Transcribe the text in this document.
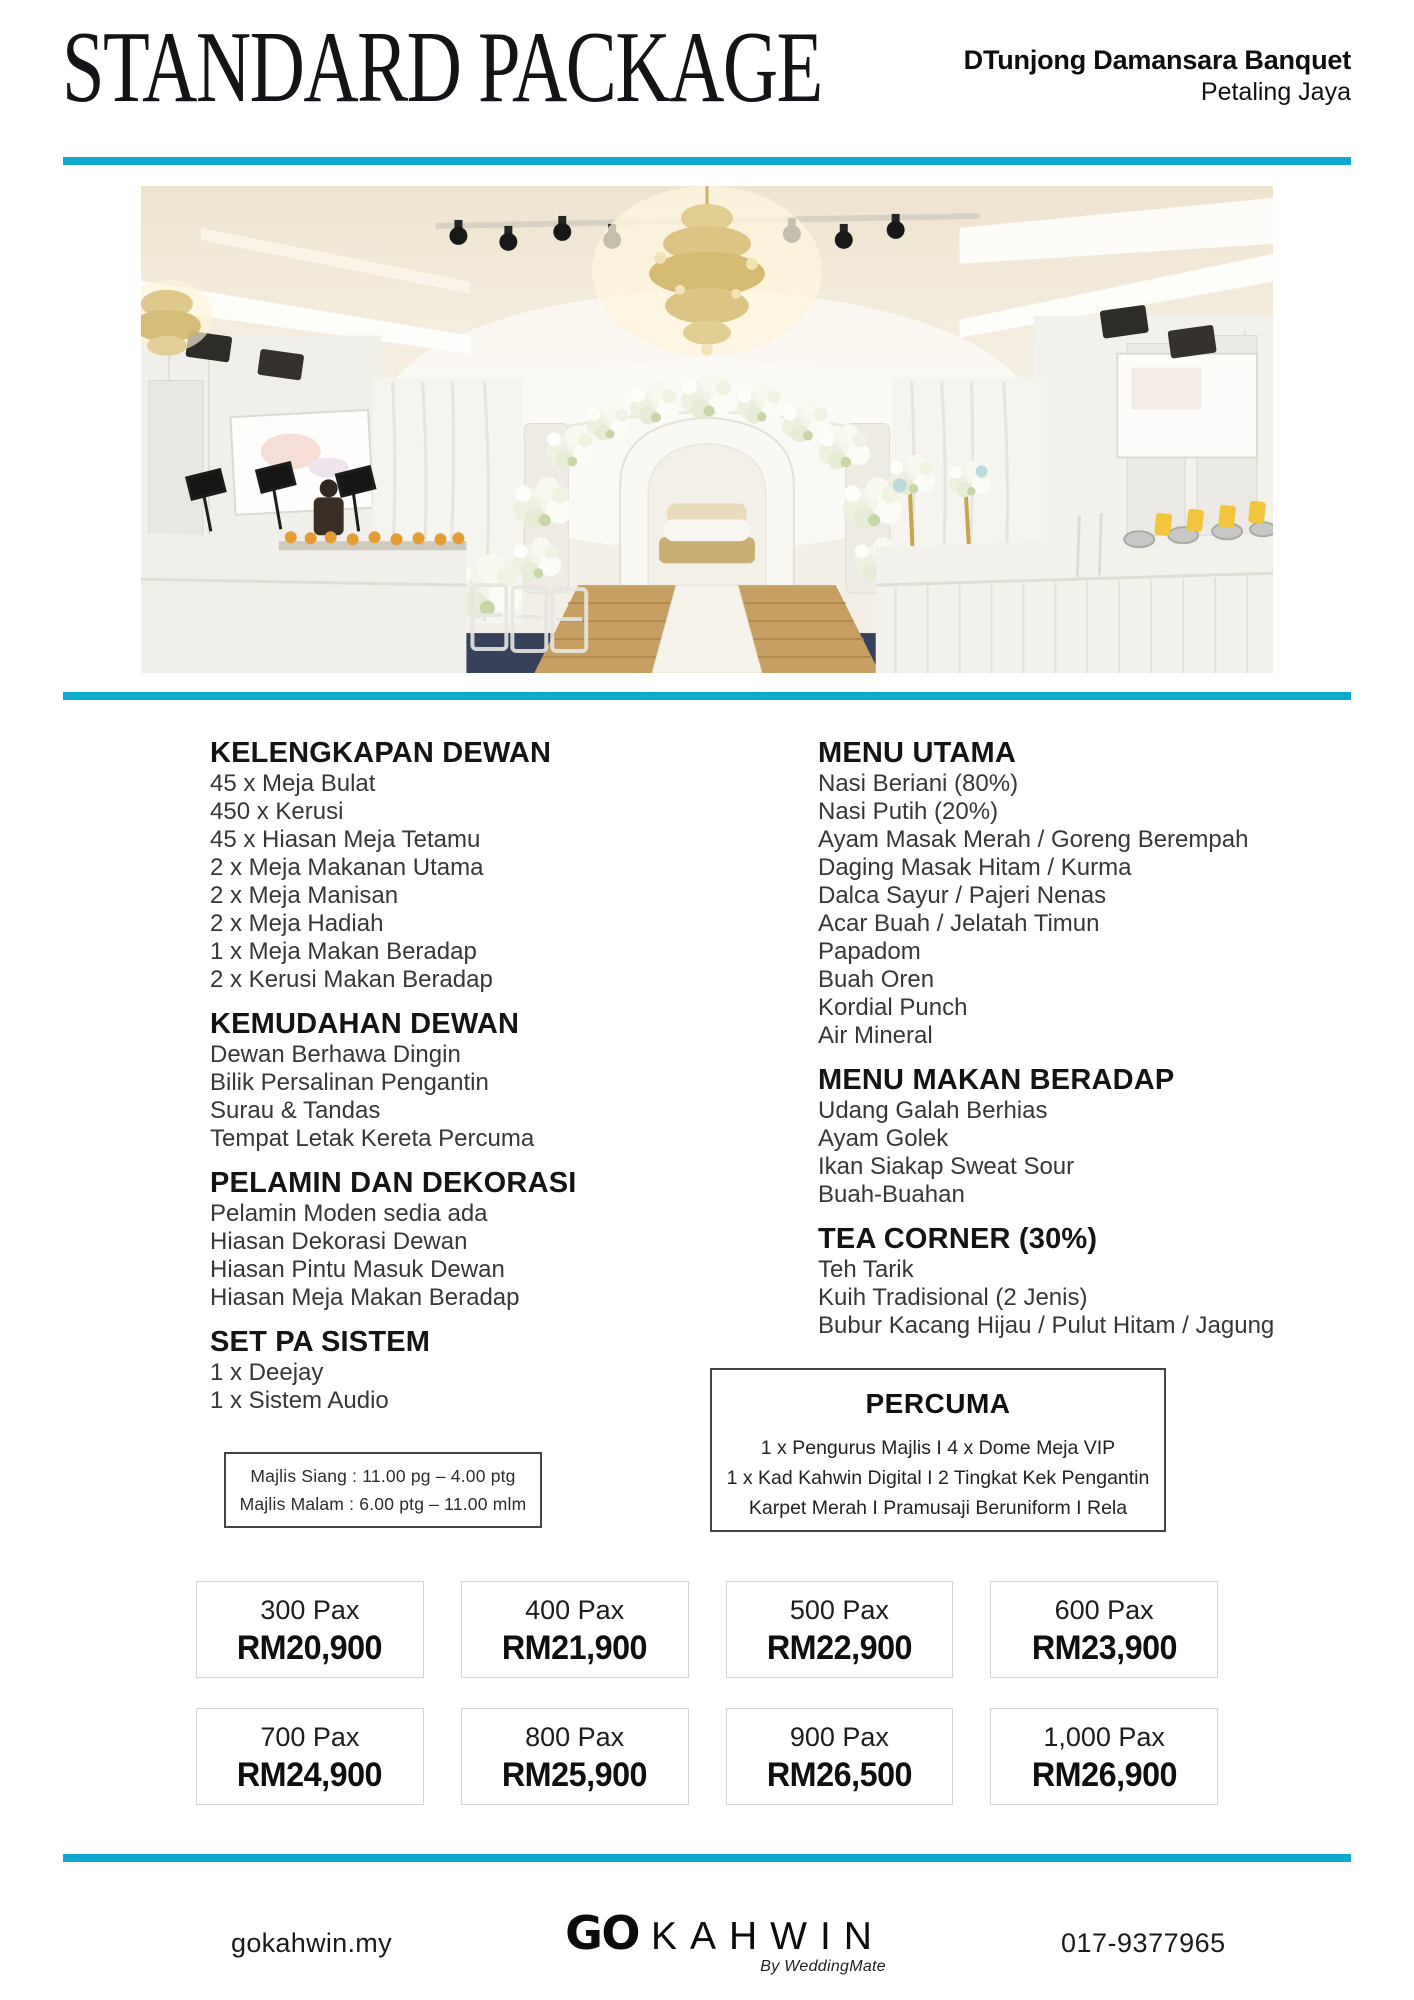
STANDARD PACKAGE	DTunjong Damansara Banquet
Petaling Jaya
KELENGKAPAN DEWAN
45 x Meja Bulat
450 x Kerusi
45 x Hiasan Meja Tetamu
2 x Meja Makanan Utama
2 x Meja Manisan
2 x Meja Hadiah
1 x Meja Makan Beradap
2 x Kerusi Makan Beradap
KEMUDAHAN DEWAN
Dewan Berhawa Dingin
Bilik Persalinan Pengantin
Surau & Tandas
Tempat Letak Kereta Percuma
PELAMIN DAN DEKORASI
Pelamin Moden sedia ada
Hiasan Dekorasi Dewan
Hiasan Pintu Masuk Dewan
Hiasan Meja Makan Beradap
SET PA SISTEM
1 x Deejay
1 x Sistem Audio
MENU UTAMA
Nasi Beriani (80%)
Nasi Putih (20%)
Ayam Masak Merah / Goreng Berempah
Daging Masak Hitam / Kurma
Dalca Sayur / Pajeri Nenas
Acar Buah / Jelatah Timun
Papadom
Buah Oren
Kordial Punch
Air Mineral
MENU MAKAN BERADAP
Udang Galah Berhias
Ayam Golek
Ikan Siakap Sweat Sour
Buah-Buahan
TEA CORNER (30%)
Teh Tarik
Kuih Tradisional (2 Jenis)
Bubur Kacang Hijau / Pulut Hitam / Jagung
Majlis Siang : 11.00 pg – 4.00 ptg
Majlis Malam : 6.00 ptg – 11.00 mlm
PERCUMA
1 x Pengurus Majlis I 4 x Dome Meja VIP
1 x Kad Kahwin Digital I 2 Tingkat Kek Pengantin
Karpet Merah I Pramusaji Beruniform I Rela
300 Pax
RM20,900
400 Pax
RM21,900
500 Pax
RM22,900
600 Pax
RM23,900
700 Pax
RM24,900
800 Pax
RM25,900
900 Pax
RM26,500
1,000 Pax
RM26,900
gokahwin.my	GO KAHWIN
By WeddingMate
017-9377965
